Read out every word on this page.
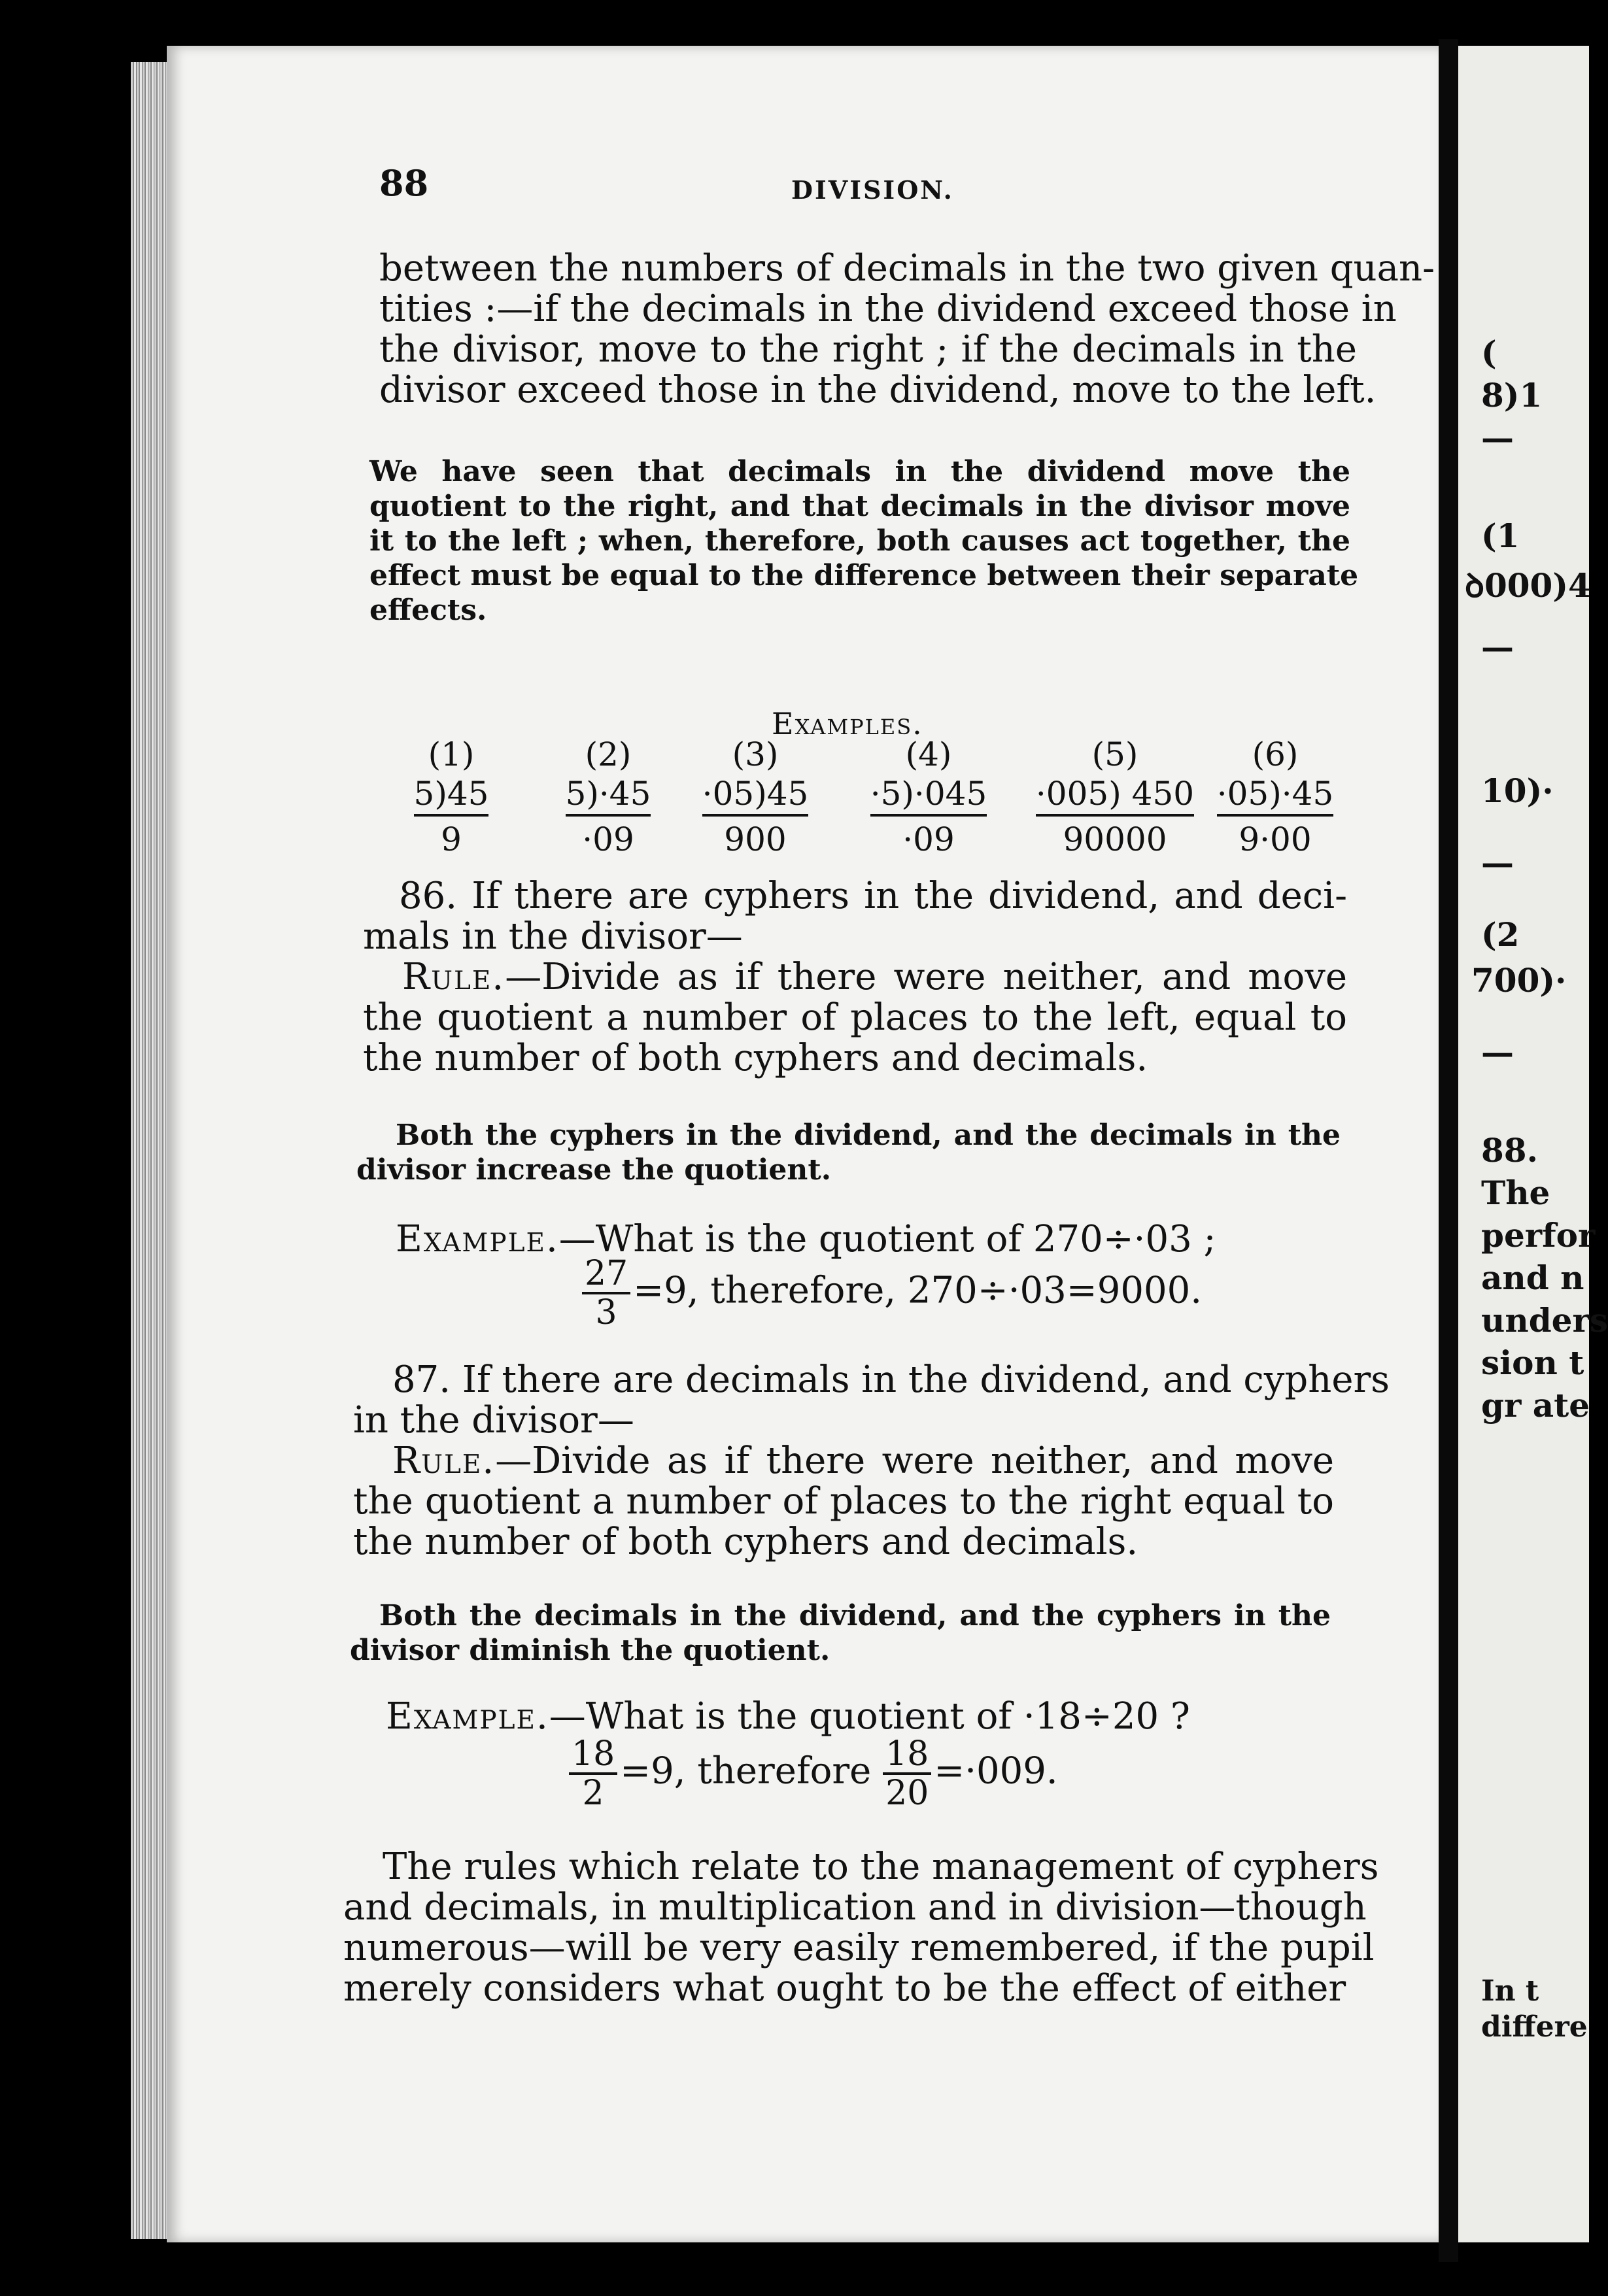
(
8)1
—
(1
ꝺ000)4
—
10)·
—
(2
700)·
—
88.
The
perfor
and n
unders
sion t
gr ate
In t
differe
88	DIVISION.
between the numbers of decimals in the two given quan-
tities :—if the decimals in the dividend exceed those in
the divisor, move to the right ; if the decimals in the
divisor exceed those in the dividend, move to the left.
We have seen that decimals in the dividend move the
quotient to the right, and that decimals in the divisor move
it to the left ; when, therefore, both causes act together, the
effect must be equal to the difference between their separate
effects.
Examples.
(1)
5)45
9
(2)
5)·45
·09
(3)
·05)45
900
(4)
·5)·045
·09
(5)
·005) 450
90000
(6)
·05)·45
9·00
86. If there are cyphers in the dividend, and deci-
mals in the divisor—
Rule.—Divide as if there were neither, and move
the quotient a number of places to the left, equal to
the number of both cyphers and decimals.
Both the cyphers in the dividend, and the decimals in the
divisor increase the quotient.
Example.—What is the quotient of 270÷·03 ;
$\frac{27}{3} =9$, therefore, 270÷·03=9000.
87. If there are decimals in the dividend, and cyphers
in the divisor—
Rule.—Divide as if there were neither, and move
the quotient a number of places to the right equal to
the number of both cyphers and decimals.
Both the decimals in the dividend, and the cyphers in the
divisor diminish the quotient.
Example.—What is the quotient of ·18÷20 ?
$\frac{18}{2} =9$, therefore $\frac{18}{20} =\cdot 009$.
The rules which relate to the management of cyphers
and decimals, in multiplication and in division—though
numerous—will be very easily remembered, if the pupil
merely considers what ought to be the effect of either
